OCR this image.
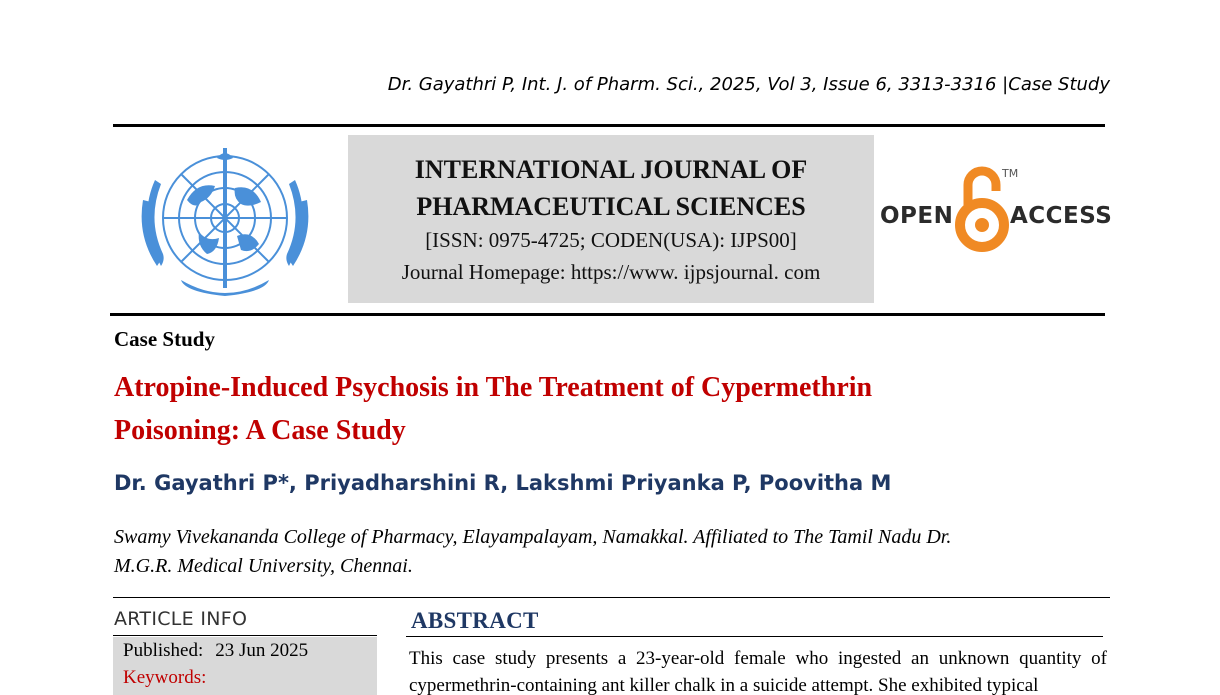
Dr. Gayathri P, Int. J. of Pharm. Sci., 2025, Vol 3, Issue 6, 3313-3316 |Case Study
INTERNATIONAL JOURNAL OF
PHARMACEUTICAL SCIENCES
[ISSN: 0975-4725; CODEN(USA): IJPS00]
Journal Homepage: https://www. ijpsjournal. com
OPEN
TM
ACCESS
Case Study
Atropine-Induced Psychosis in The Treatment of Cypermethrin
Poisoning: A Case Study
Dr. Gayathri P*, Priyadharshini R, Lakshmi Priyanka P, Poovitha M
Swamy Vivekananda College of Pharmacy, Elayampalayam, Namakkal. Affiliated to The Tamil Nadu Dr.
M.G.R. Medical University, Chennai.
ARTICLE INFO
Published: 23 Jun 2025
Keywords:
ABSTRACT
This case study presents a 23-year-old female who ingested an unknown quantity of cypermethrin-containing ant killer chalk in a suicide attempt. She exhibited typical
